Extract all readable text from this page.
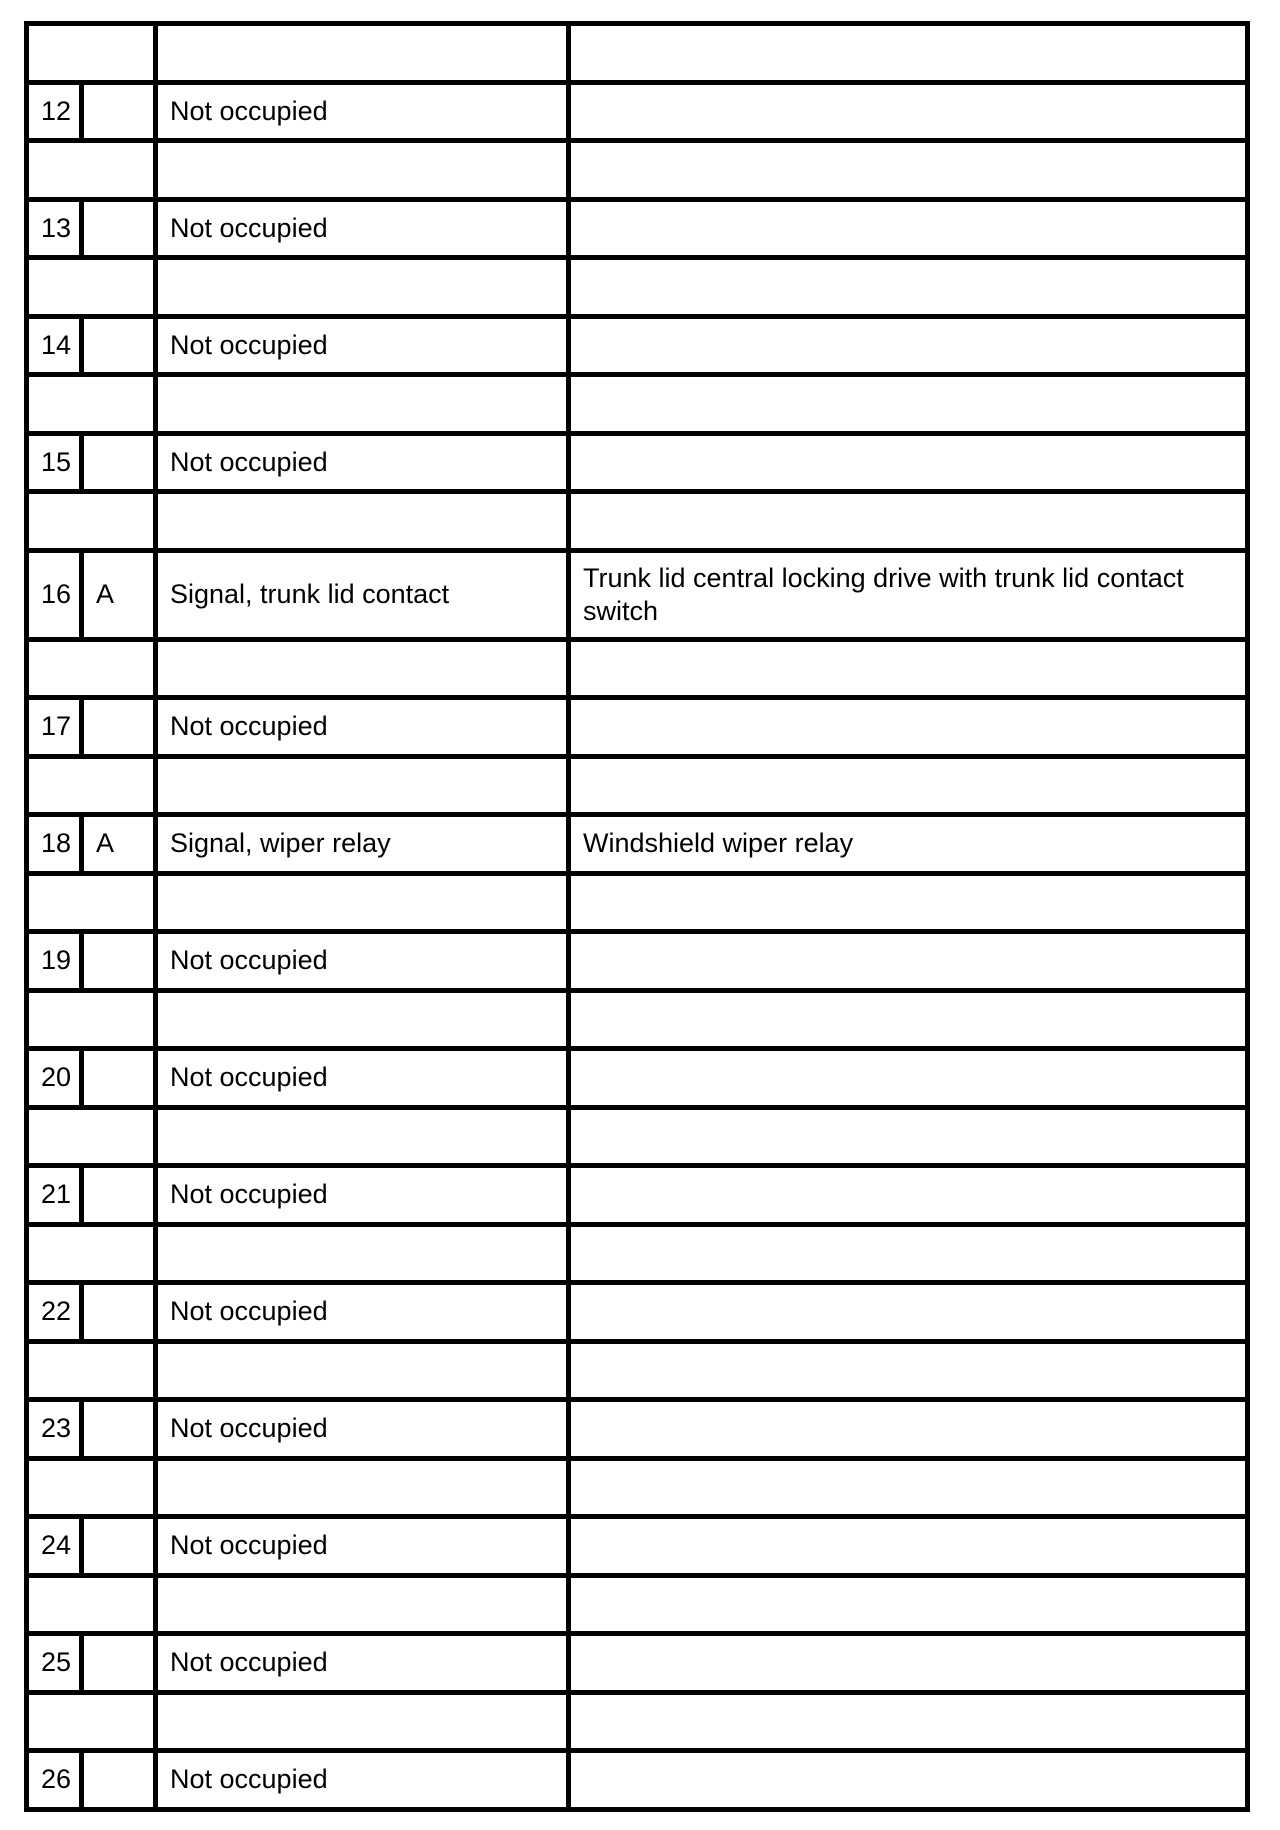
12		Not occupied	

13		Not occupied	

14		Not occupied	

15		Not occupied	

16	A	Signal, trunk lid contact	Trunk lid central locking drive with trunk lid contact switch

17		Not occupied	

18	A	Signal, wiper relay	Windshield wiper relay

19		Not occupied	

20		Not occupied	

21		Not occupied	

22		Not occupied	

23		Not occupied	

24		Not occupied	

25		Not occupied	

26		Not occupied	
